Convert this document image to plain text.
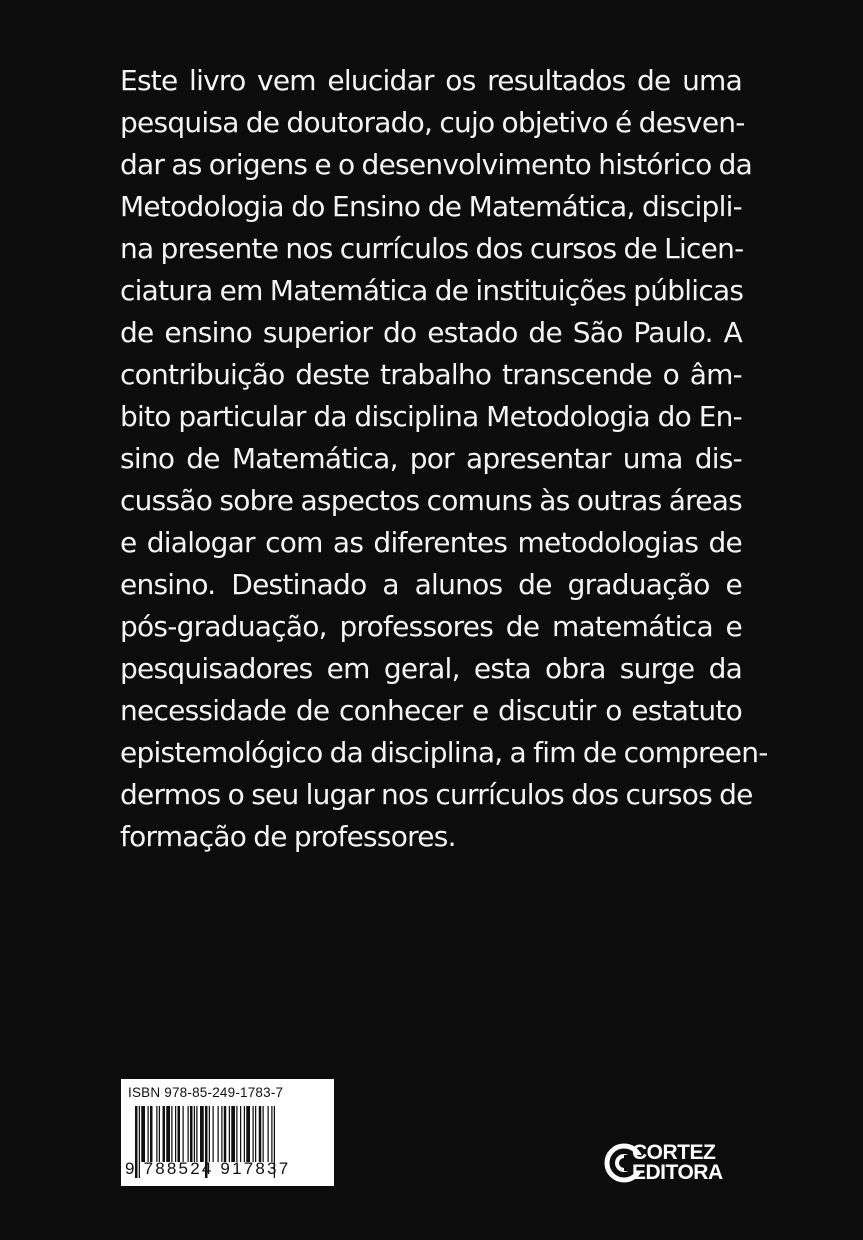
Este livro vem elucidar os resultados de uma
pesquisa de doutorado, cujo objetivo é desven-
dar as origens e o desenvolvimento histórico da
Metodologia do Ensino de Matemática, discipli-
na presente nos currículos dos cursos de Licen-
ciatura em Matemática de instituições públicas
de ensino superior do estado de São Paulo. A
contribuição deste trabalho transcende o âm-
bito particular da disciplina Metodologia do En-
sino de Matemática, por apresentar uma dis-
cussão sobre aspectos comuns às outras áreas
e dialogar com as diferentes metodologias de
ensino. Destinado a alunos de graduação e
pós-graduação, professores de matemática e
pesquisadores em geral, esta obra surge da
necessidade de conhecer e discutir o estatuto
epistemológico da disciplina, a fim de compreen-
dermos o seu lugar nos currículos dos cursos de
formação de professores.
ISBN 978-85-249-1783-7
9 788524 917837
CORTEZ
EDITORA
